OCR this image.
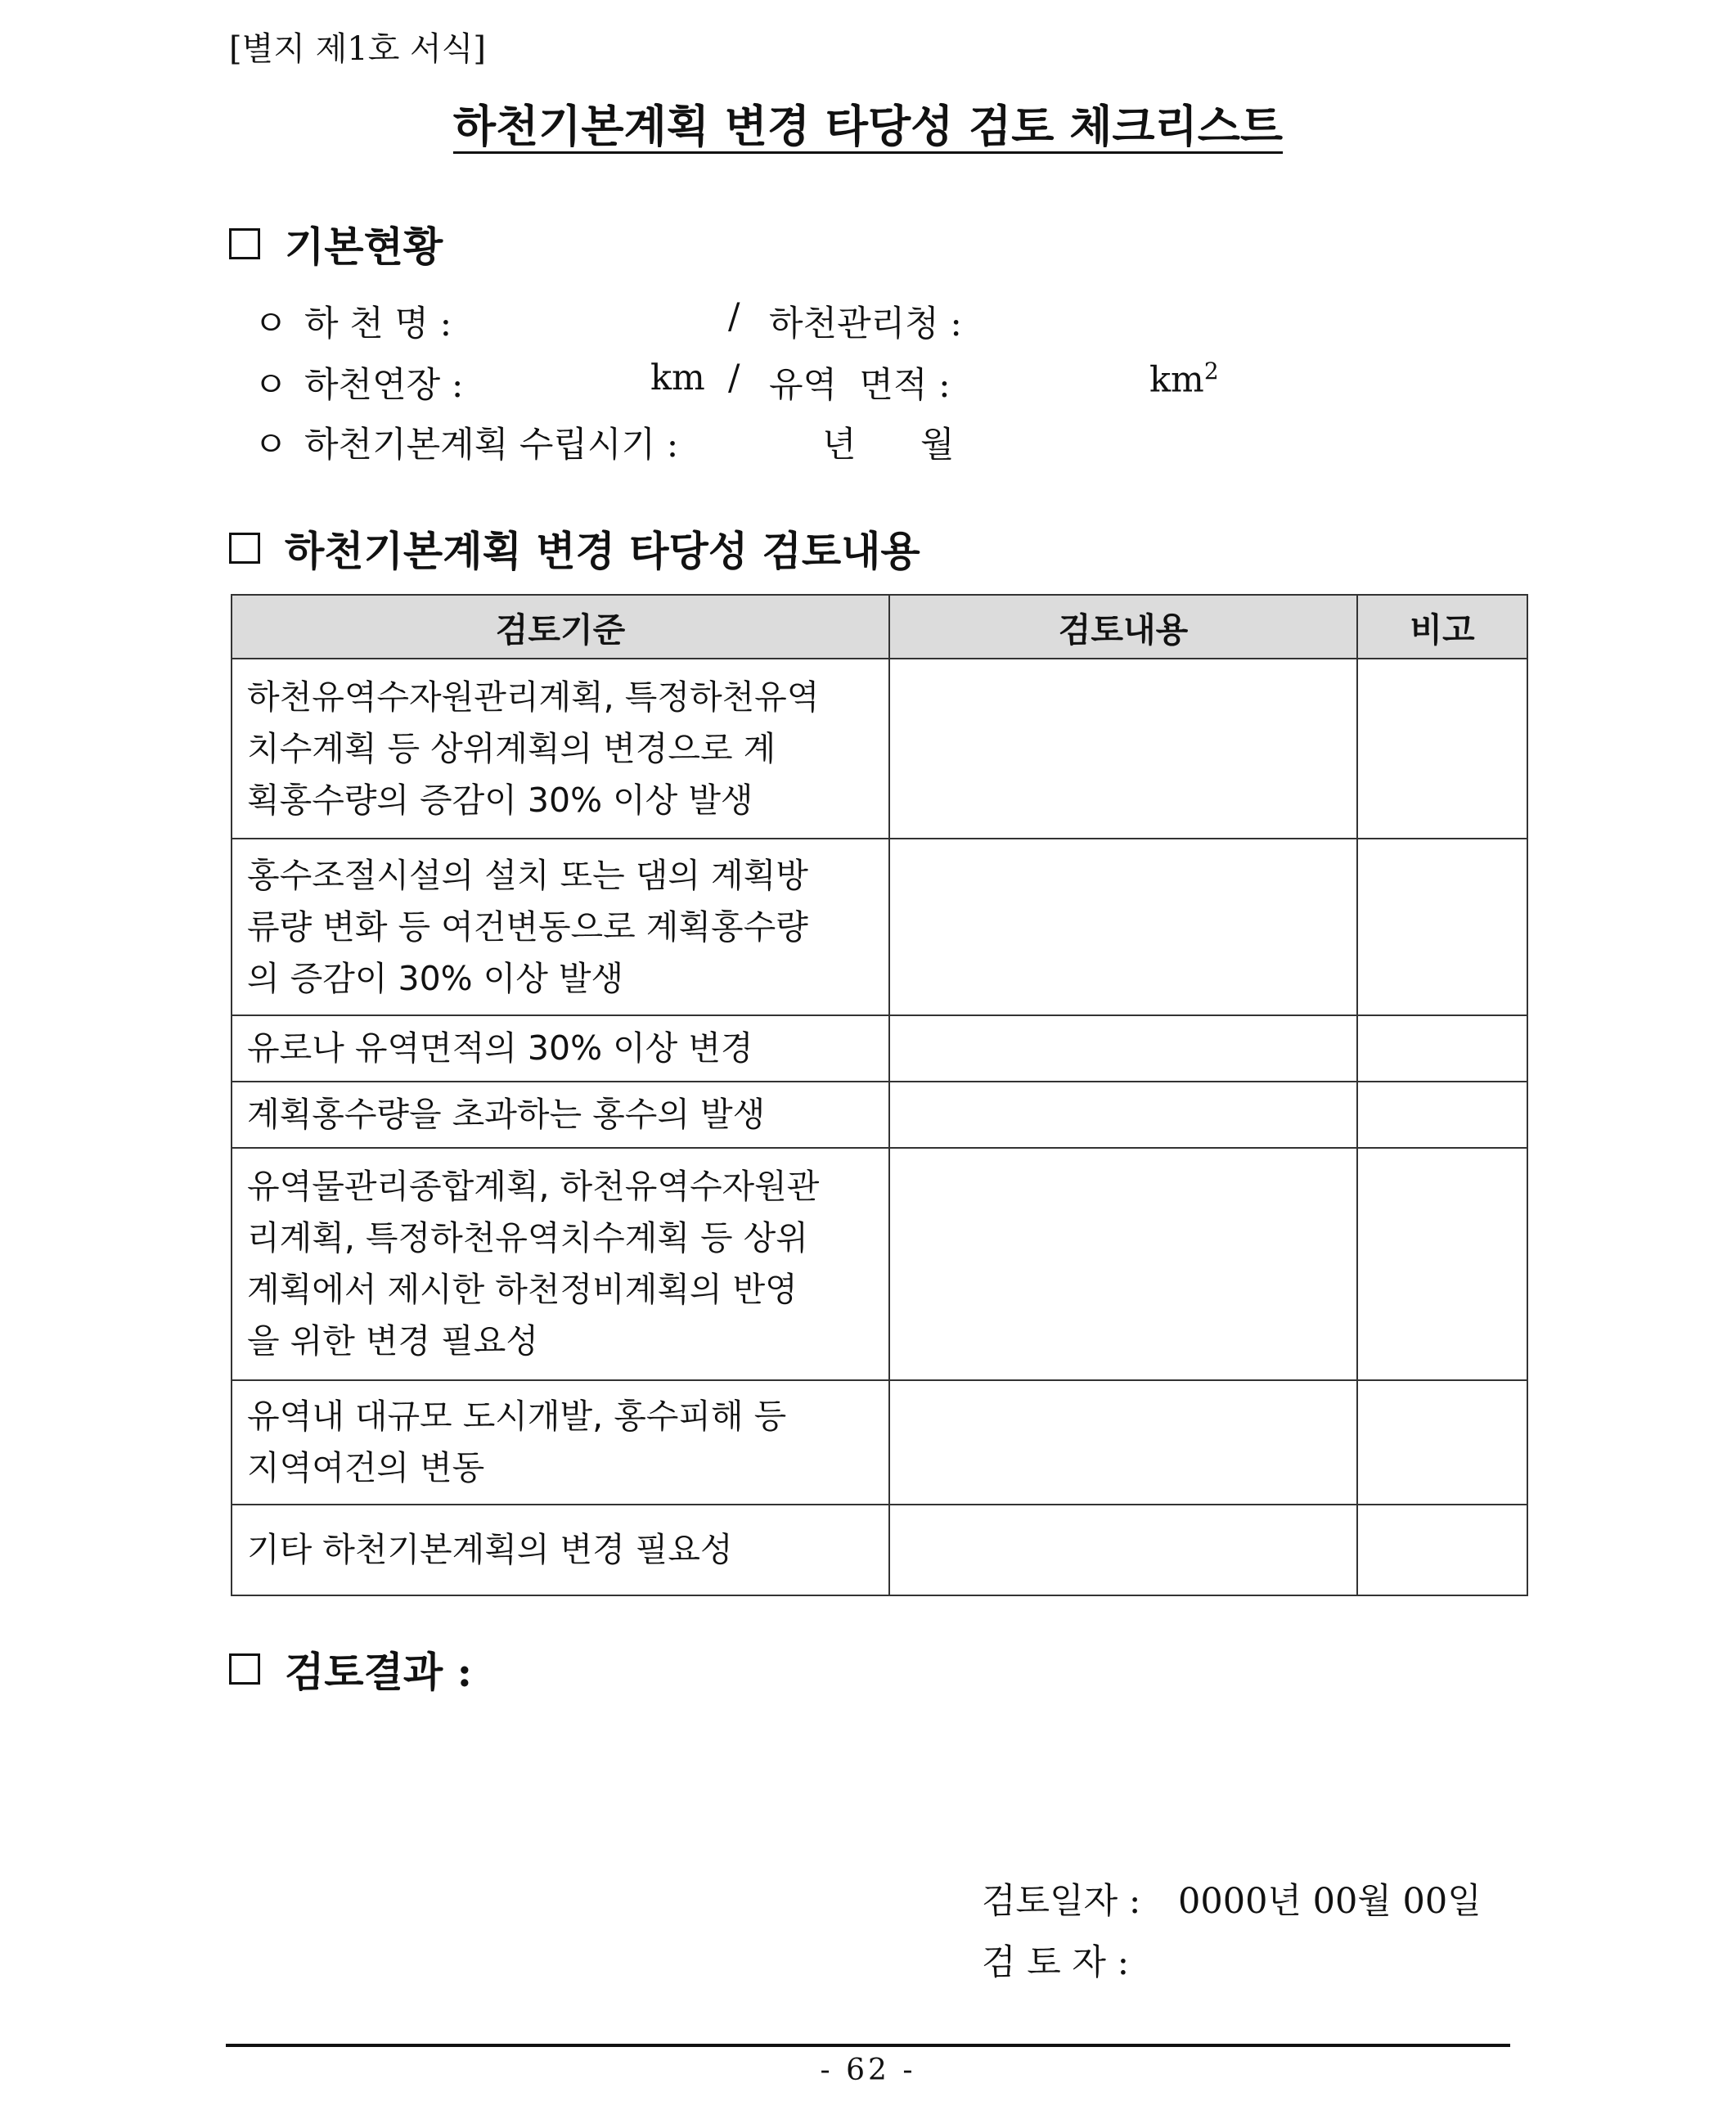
[별지 제1호 서식]
하천기본계획 변경 타당성 검토 체크리스트
기본현황
ㅇ 하 천 명 :	/ 하천관리청 :
ㅇ 하천연장 :	km / 유역  면적 :	$km^2$
ㅇ 하천기본계획 수립시기 :	년 월
하천기본계획 변경 타당성 검토내용
검토기준	검토내용	비고
하천유역수자원관리계획, 특정하천유역
치수계획 등 상위계획의 변경으로 계
획홍수량의 증감이 30% 이상 발생		
홍수조절시설의 설치 또는 댐의 계획방
류량 변화 등 여건변동으로 계획홍수량
의 증감이 30% 이상 발생		
유로나 유역면적의 30% 이상 변경		
계획홍수량을 초과하는 홍수의 발생		
유역물관리종합계획, 하천유역수자원관
리계획, 특정하천유역치수계획 등 상위
계획에서 제시한 하천정비계획의 반영
을 위한 변경 필요성		
유역내 대규모 도시개발, 홍수피해 등
지역여건의 변동		
기타 하천기본계획의 변경 필요성		
검토결과 :
검토일자 : 0000년 00월 00일
검 토 자 :
- 62 -
